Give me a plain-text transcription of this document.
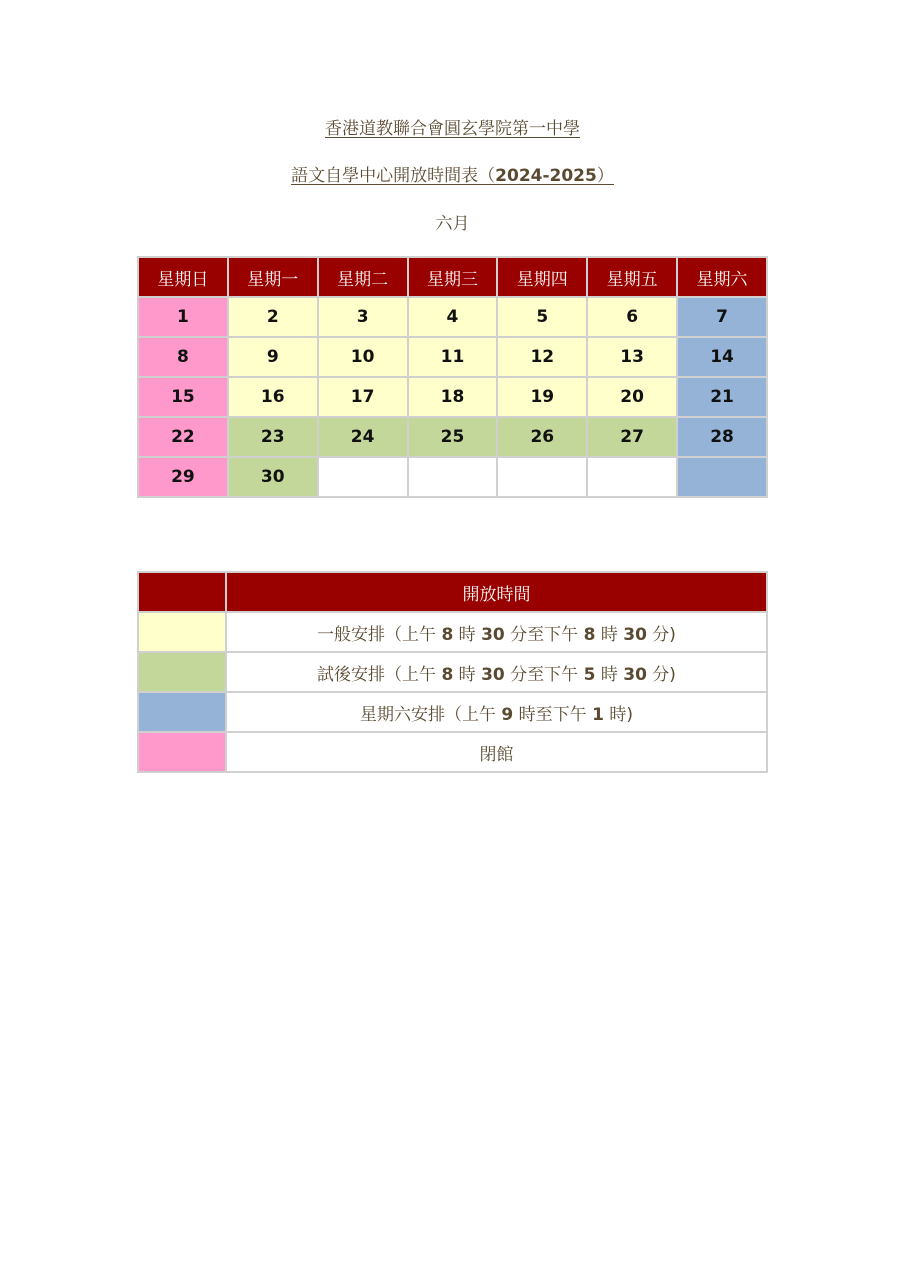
香港道教聯合會圓玄學院第一中學
語文自學中心開放時間表（2024-2025）
六月
星期日	星期一	星期二	星期三	星期四	星期五	星期六
1	2	3	4	5	6	7
8	9	10	11	12	13	14
15	16	17	18	19	20	21
22	23	24	25	26	27	28
29	30					
	開放時間
	一般安排（上午 8 時 30 分至下午 8 時 30 分)
	試後安排（上午 8 時 30 分至下午 5 時 30 分)
	星期六安排（上午 9 時至下午 1 時)
	閉館
